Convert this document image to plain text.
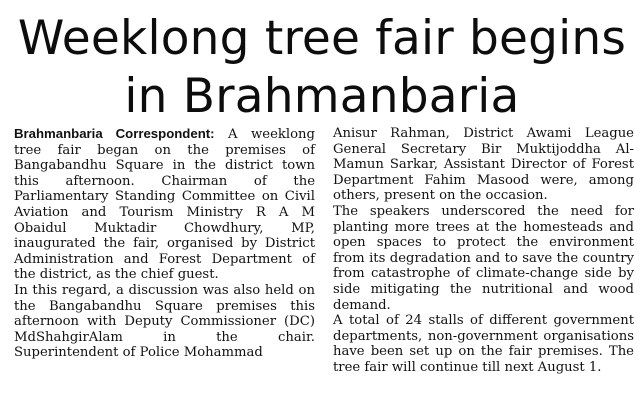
Weeklong tree fair begins
in Brahmanbaria

Brahmanbaria Correspondent: A weeklong tree fair began on the premises of Bangabandhu Square in the district town this afternoon. Chairman of the Parliamentary Standing Committee on Civil Aviation and Tourism Ministry R A M Obaidul Muktadir Chowdhury, MP, inaugurated the fair, organised by District Administration and Forest Department of the district, as the chief guest.

In this regard, a discussion was also held on the Bangabandhu Square premises this afternoon with Deputy Commissioner (DC) MdShahgirAlam in the chair. Superintendent of Police Mohammad

Anisur Rahman, District Awami League General Secretary Bir Muktijoddha Al-Mamun Sarkar, Assistant Director of Forest Department Fahim Masood were, among others, present on the occasion.

The speakers underscored the need for planting more trees at the homesteads and open spaces to protect the environment from its degradation and to save the country from catastrophe of climate-change side by side mitigating the nutritional and wood demand.

A total of 24 stalls of different government departments, non-government organisations have been set up on the fair premises. The tree fair will continue till next August 1.
